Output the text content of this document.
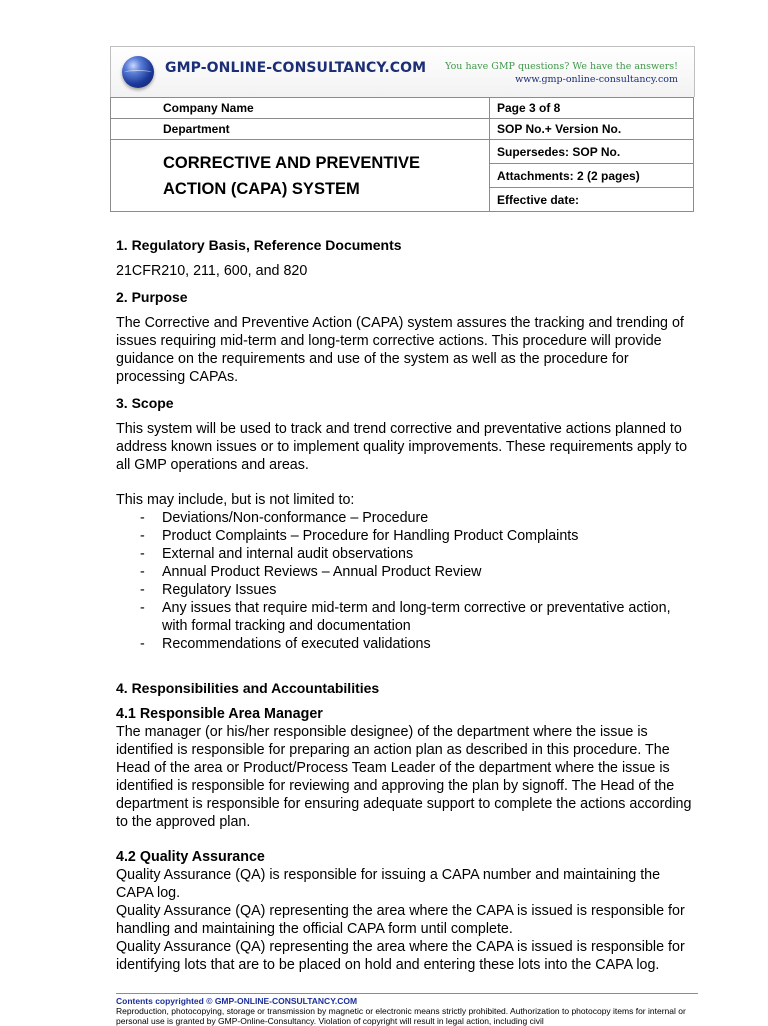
GMP-ONLINE-CONSULTANCY.COM You have GMP questions? We have the answers!
www.gmp-online-consultancy.com
Company Name	Page 3 of 8
Department	SOP No.+ Version No.

CORRECTIVE AND PREVENTIVE
ACTION (CAPA) SYSTEM	Supersedes: SOP No.
	Attachments: 2 (2 pages)
	Effective date:

1. Regulatory Basis, Reference Documents

21CFR210, 211, 600, and 820

2. Purpose

The Corrective and Preventive Action (CAPA) system assures the tracking and trending of issues requiring mid-term and long-term corrective actions. This procedure will provide guidance on the requirements and use of the system as well as the procedure for processing CAPAs.

3. Scope

This system will be used to track and trend corrective and preventative actions planned to address known issues or to implement quality improvements. These requirements apply to all GMP operations and areas.

This may include, but is not limited to:

- Deviations/Non-conformance – Procedure
- Product Complaints – Procedure for Handling Product Complaints
- External and internal audit observations
- Annual Product Reviews – Annual Product Review
- Regulatory Issues
- Any issues that require mid-term and long-term corrective or preventative action, with formal tracking and documentation
- Recommendations of executed validations

4. Responsibilities and Accountabilities

4.1 Responsible Area Manager

The manager (or his/her responsible designee) of the department where the issue is identified is responsible for preparing an action plan as described in this procedure. The Head of the area or Product/Process Team Leader of the department where the issue is identified is responsible for reviewing and approving the plan by signoff. The Head of the department is responsible for ensuring adequate support to complete the actions according to the approved plan.

4.2 Quality Assurance

Quality Assurance (QA) is responsible for issuing a CAPA number and maintaining the CAPA log.

Quality Assurance (QA) representing the area where the CAPA is issued is responsible for handling and maintaining the official CAPA form until complete.

Quality Assurance (QA) representing the area where the CAPA is issued is responsible for identifying lots that are to be placed on hold and entering these lots into the CAPA log.

Contents copyrighted © GMP-ONLINE-CONSULTANCY.COM
Reproduction, photocopying, storage or transmission by magnetic or electronic means strictly prohibited. Authorization to photocopy items for internal or personal use is granted by GMP-Online-Consultancy. Violation of copyright will result in legal action, including civil
